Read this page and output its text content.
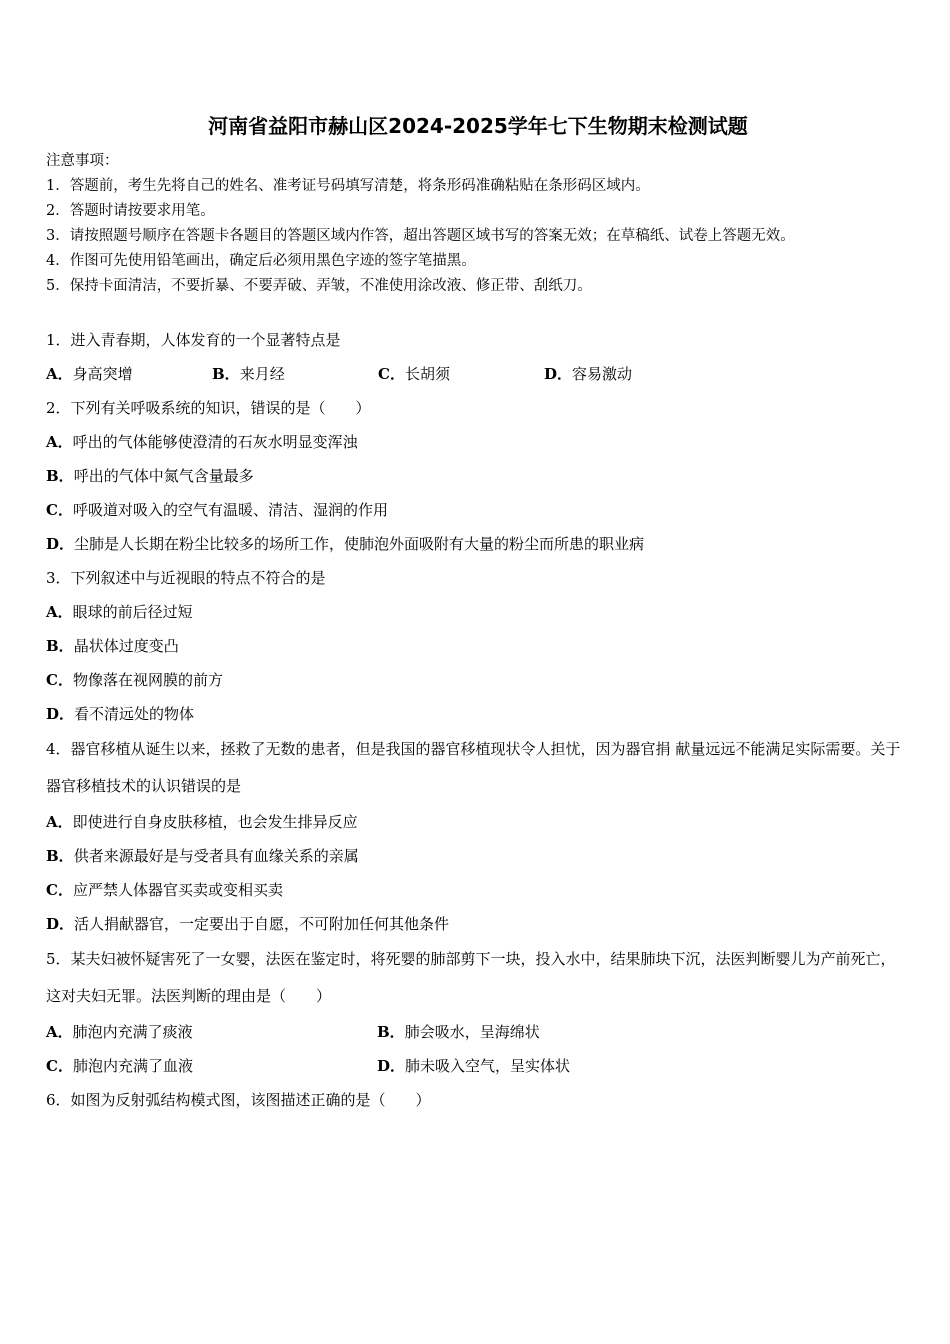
河南省益阳市赫山区2024-2025学年七下生物期末检测试题
注意事项：
1．答题前，考生先将自己的姓名、准考证号码填写清楚，将条形码准确粘贴在条形码区域内。
2．答题时请按要求用笔。
3．请按照题号顺序在答题卡各题目的答题区域内作答，超出答题区域书写的答案无效；在草稿纸、试卷上答题无效。
4．作图可先使用铅笔画出，确定后必须用黑色字迹的签字笔描黑。
5．保持卡面清洁，不要折暴、不要弄破、弄皱，不准使用涂改液、修正带、刮纸刀。
1．进入青春期，人体发育的一个显著特点是
A．身高突增	B．来月经	C．长胡须	D．容易激动
2．下列有关呼吸系统的知识，错误的是（　　）
A．呼出的气体能够使澄清的石灰水明显变浑浊
B．呼出的气体中氮气含量最多
C．呼吸道对吸入的空气有温暖、清洁、湿润的作用
D．尘肺是人长期在粉尘比较多的场所工作，使肺泡外面吸附有大量的粉尘而所患的职业病
3．下列叙述中与近视眼的特点不符合的是
A．眼球的前后径过短
B．晶状体过度变凸
C．物像落在视网膜的前方
D．看不清远处的物体
4．器官移植从诞生以来，拯救了无数的患者，但是我国的器官移植现状令人担忧，因为器官捐 献量远远不能满足实际需要。关于器官移植技术的认识错误的是
A．即使进行自身皮肤移植，也会发生排异反应
B．供者来源最好是与受者具有血缘关系的亲属
C．应严禁人体器官买卖或变相买卖
D．活人捐献器官，一定要出于自愿，不可附加任何其他条件
5．某夫妇被怀疑害死了一女婴，法医在鉴定时，将死婴的肺部剪下一块，投入水中，结果肺块下沉，法医判断婴儿为产前死亡，这对夫妇无罪。法医判断的理由是（　　）
A．肺泡内充满了痰液	B．肺会吸水，呈海绵状
C．肺泡内充满了血液	D．肺未吸入空气，呈实体状
6．如图为反射弧结构模式图，该图描述正确的是（　　）
